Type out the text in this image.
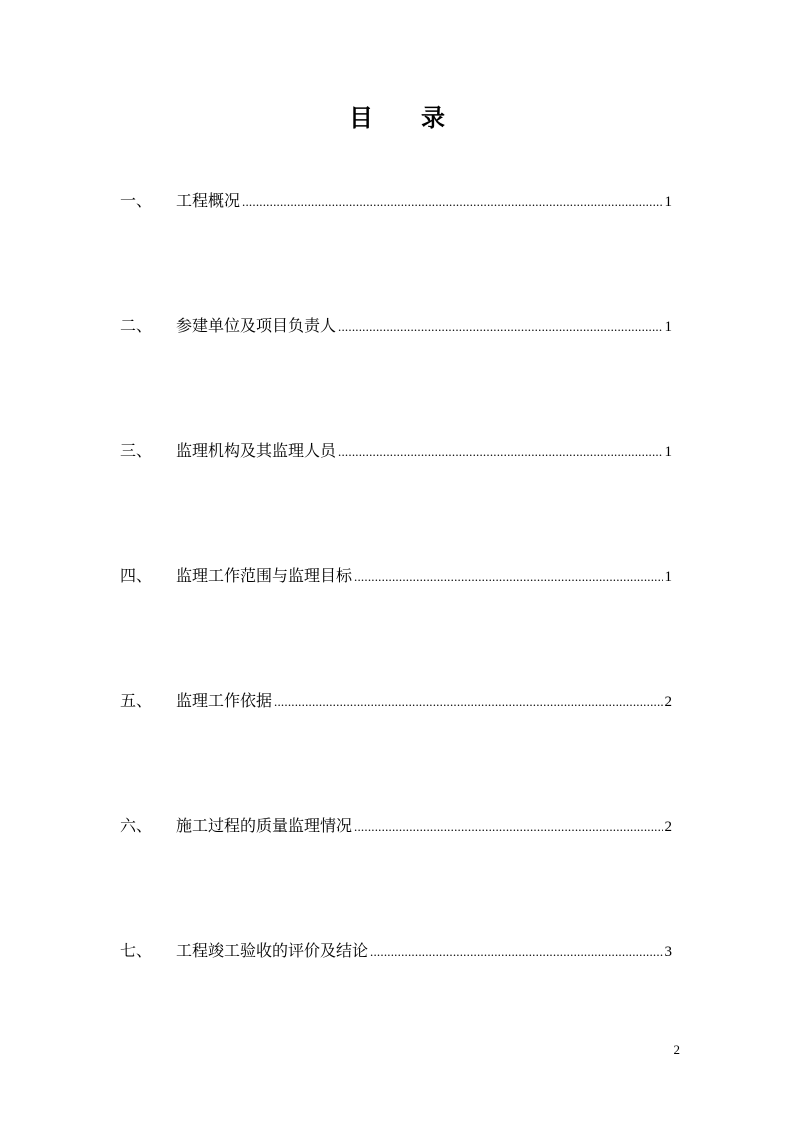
目 录
一、	工程概况 .....	1
二、	参建单位及项目负责人 .....	1
三、	监理机构及其监理人员 .....	1
四、	监理工作范围与监理目标 .....	1
五、	监理工作依据 .....	2
六、	施工过程的质量监理情况 .....	2
七、	工程竣工验收的评价及结论 .....	3
2
